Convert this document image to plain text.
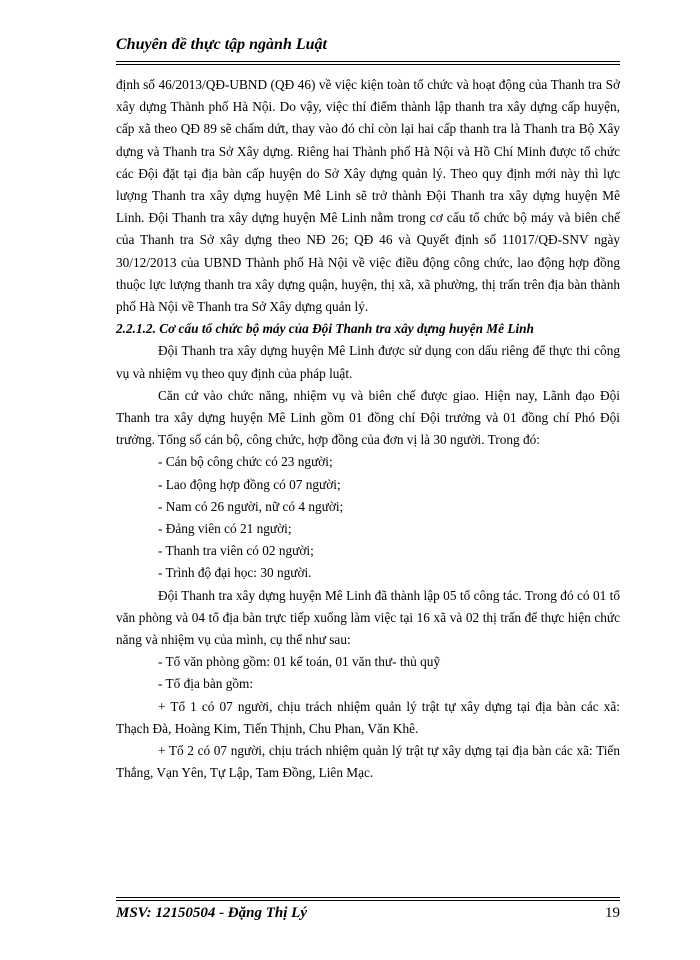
Chuyên đề thực tập ngành Luật

định số 46/2013/QĐ-UBND (QĐ 46) về việc kiện toàn tổ chức và hoạt động của Thanh tra Sở xây dựng Thành phố Hà Nội. Do vậy, việc thí điểm thành lập thanh tra xây dựng cấp huyện, cấp xã theo QĐ 89 sẽ chấm dứt, thay vào đó chỉ còn lại hai cấp thanh tra là Thanh tra Bộ Xây dựng và Thanh tra Sở Xây dựng. Riêng hai Thành phố Hà Nội và Hồ Chí Minh được tổ chức các Đội đặt tại địa bàn cấp huyện do Sở Xây dựng quản lý. Theo quy định mới này thì lực lượng Thanh tra xây dựng huyện Mê Linh sẽ trở thành Đội Thanh tra xây dựng huyện Mê Linh. Đội Thanh tra xây dựng huyện Mê Linh nằm trong cơ cấu tổ chức bộ máy và biên chế của Thanh tra Sở xây dựng theo NĐ 26; QĐ 46 và Quyết định số 11017/QĐ-SNV ngày 30/12/2013 của UBND Thành phố Hà Nội về việc điều động công chức, lao động hợp đồng thuộc lực lượng thanh tra xây dựng quận, huyện, thị xã, xã phường, thị trấn trên địa bàn thành phố Hà Nội về Thanh tra Sở Xây dựng quản lý.

2.2.1.2. Cơ cấu tổ chức bộ máy của Đội Thanh tra xây dựng huyện Mê Linh

Đội Thanh tra xây dựng huyện Mê Linh được sử dụng con dấu riêng để thực thi công vụ và nhiệm vụ theo quy định của pháp luật.

Căn cứ vào chức năng, nhiệm vụ và biên chế được giao. Hiện nay, Lãnh đạo Đội Thanh tra xây dựng huyện Mê Linh gồm 01 đồng chí Đội trưởng và 01 đồng chí Phó Đội trưởng. Tổng số cán bộ, công chức, hợp đồng của đơn vị là 30 người. Trong đó:

- Cán bộ công chức có 23 người;

- Lao động hợp đồng có 07 người;

- Nam có 26 người, nữ có 4 người;

- Đảng viên có 21 người;

- Thanh tra viên có 02 người;

- Trình độ đại học: 30 người.

Đội Thanh tra xây dựng huyện Mê Linh đã thành lập 05 tổ công tác. Trong đó có 01 tổ văn phòng và 04 tổ địa bàn trực tiếp xuống làm việc tại 16 xã và 02 thị trấn để thực hiện chức năng và nhiệm vụ của mình, cụ thể như sau:

- Tổ văn phòng gồm: 01 kế toán, 01 văn thư- thủ quỹ

- Tổ địa bàn gồm:

+ Tổ 1 có 07 người, chịu trách nhiệm quản lý trật tự xây dựng tại địa bàn các xã: Thạch Đà, Hoàng Kim, Tiến Thịnh, Chu Phan, Văn Khê.

+ Tổ 2 có 07 người, chịu trách nhiệm quản lý trật tự xây dựng tại địa bàn các xã: Tiến Thắng, Vạn Yên, Tự Lập, Tam Đồng, Liên Mạc.

MSV: 12150504 - Đặng Thị Lý	19
